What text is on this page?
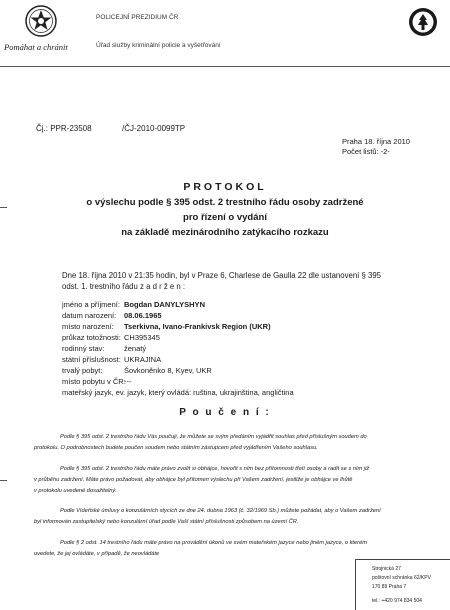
Pomáhat a chránit
POLICEJNÍ PREZIDIUM ČR
Úřad služby kriminální policie a vyšetřování
Čj.: PPR-23508	/ČJ-2010-0099TP
Praha 18. října 2010
Počet listů: -2-
PROTOKOL
o výslechu podle § 395 odst. 2 trestního řádu osoby zadržené
pro řízení o vydání
na základě mezinárodního zatýkacího rozkazu
Dne 18. října 2010 v 21:35 hodin, byl v Praze 6, Charlese de Gaulla 22 dle ustanovení § 395
odst. 1. trestního řádu z a d r ž e n :
jméno a příjmení: Bogdan DANYLYSHYN
datum narození: 08.06.1965
místo narození: Tserkivna, Ivano-Frankivsk Region (UKR)
průkaz totožnosti: CH395345
rodinný stav:	ženatý
státní příslušnost: UKRAJINA
trvalý pobyt:	Šovkoněnko 8, Kyev, UKR
místo pobytu v ČR:
---
mateřský jazyk, ev. jazyk, který ovládá: ruština, ukrajinština, angličtina
P o u č e n í :
Podle § 395 odst. 2 trestního řádu Vás poučuji, že můžete se svým předáním vyjádřit souhlas před příslušným soudem do
protokolu. O podrobnostech budete poučen soudem nebo státním zástupcem před vyjádřením Vašeho souhlasu.
Podle § 395 odst. 2 trestního řádu máte právo zvolit si obhájce, hovořit s ním bez přítomnosti třetí osoby a radit se s ním již
v průběhu zadržení. Máte právo požadovat, aby obhájce byl přítomen výslechu při Vašem zadržení, jestliže je obhájce ve lhůtě
v protokolu uvedené dosažitelný.
Podle Vídeňské úmluvy o konzulárních stycích ze dne 24. dubna 1963 (č. 32/1969 Sb.) můžete požádat, aby o Vašem zadržení
byl informován zastupitelský nebo konzulární úřad podle Vaší státní příslušnosti způsobem na území ČR.
Podle § 2 odst. 14 trestního řádu máte právo na provádění úkonů ve svém mateřském jazyce nebo jiném jazyce, o kterém
uvedete, že jej ovládáte, v případě, že neovládáte
Strojnická 27
poštovní schránka 62/KPV
170 89 Praha 7
tel.: +420 974 834 504
